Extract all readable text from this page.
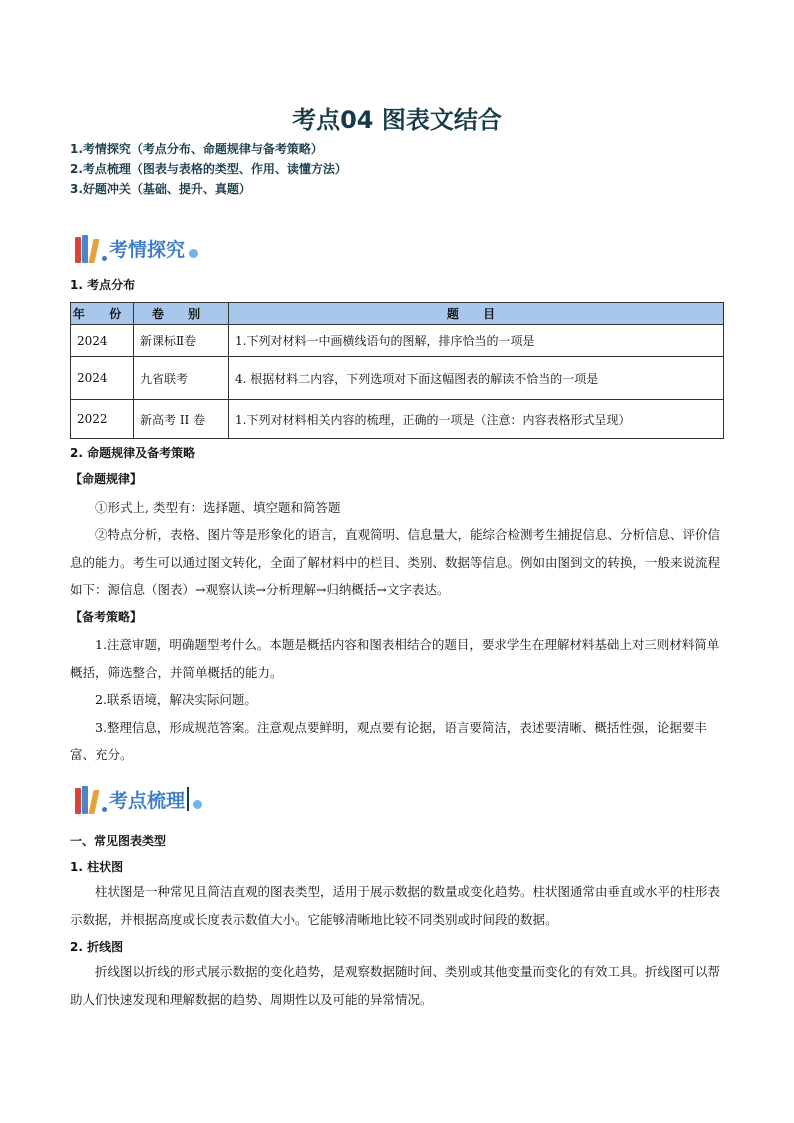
考点04 图表文结合
1.考情探究（考点分布、命题规律与备考策略）
2.考点梳理（图表与表格的类型、作用、读懂方法）
3.好题冲关（基础、提升、真题）
考情探究
1. 考点分布
年 份	卷 别	题 目
2024	新课标Ⅱ卷	1.下列对材料一中画横线语句的图解，排序恰当的一项是
2024	九省联考	4. 根据材料二内容，下列选项对下面这幅图表的解读不恰当的一项是
2022	新高考 II 卷	1.下列对材料相关内容的梳理，正确的一项是（注意：内容表格形式呈现）
2. 命题规律及备考策略
【命题规律】

①形式上, 类型有：选择题、填空题和简答题

②特点分析，表格、图片等是形象化的语言，直观简明、信息量大，能综合检测考生捕捉信息、分析信息、评价信息的能力。考生可以通过图文转化，全面了解材料中的栏目、类别、数据等信息。例如由图到文的转换，一般来说流程如下：源信息（图表）→观察认读→分析理解→归纳概括→文字表达。

【备考策略】

1.注意审题，明确题型考什么。本题是概括内容和图表相结合的题目，要求学生在理解材料基础上对三则材料简单概括，筛选整合，并简单概括的能力。

2.联系语境，解决实际问题。

3.整理信息，形成规范答案。注意观点要鲜明，观点要有论据，语言要简洁，表述要清晰、概括性强，论据要丰富、充分。

考点梳理
一、常见图表类型
1. 柱状图

柱状图是一种常见且简洁直观的图表类型，适用于展示数据的数量或变化趋势。柱状图通常由垂直或水平的柱形表示数据，并根据高度或长度表示数值大小。它能够清晰地比较不同类别或时间段的数据。

2. 折线图

折线图以折线的形式展示数据的变化趋势，是观察数据随时间、类别或其他变量而变化的有效工具。折线图可以帮助人们快速发现和理解数据的趋势、周期性以及可能的异常情况。
